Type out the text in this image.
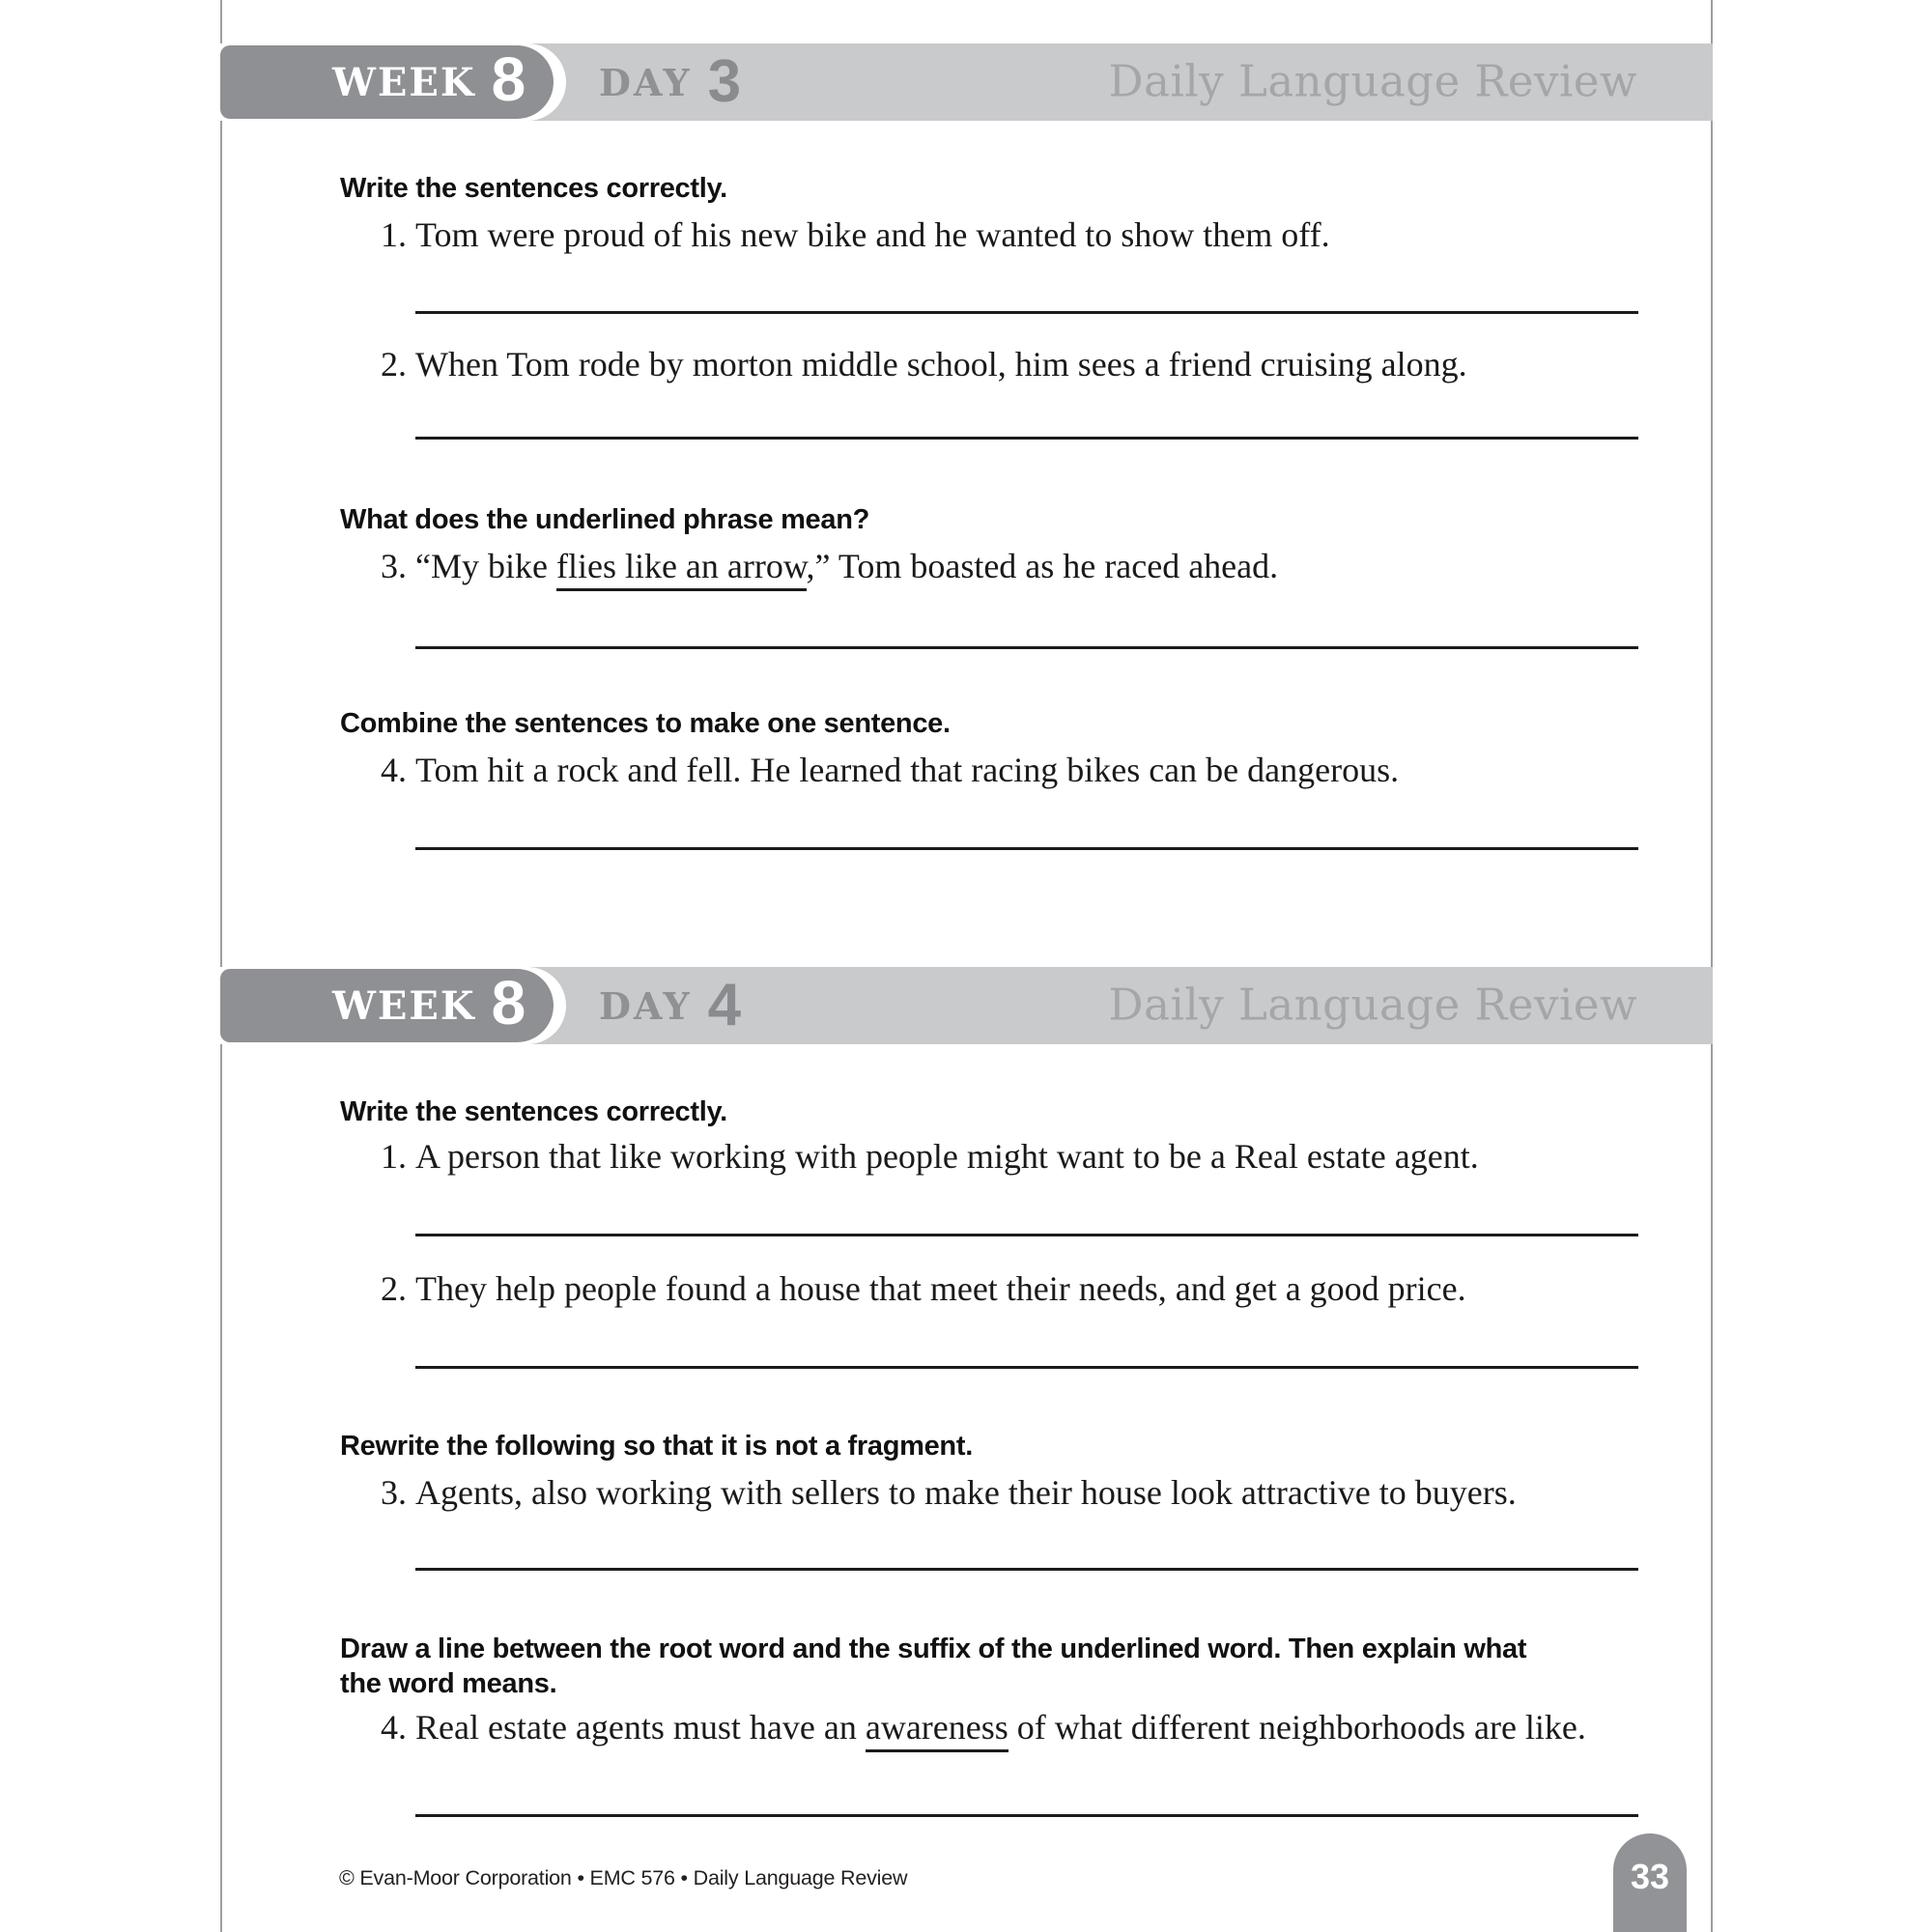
WEEK 8 DAY 3	Daily Language Review
Write the sentences correctly.
1. Tom were proud of his new bike and he wanted to show them off.
2. When Tom rode by morton middle school, him sees a friend cruising along.
What does the underlined phrase mean?
3. “My bike flies like an arrow,” Tom boasted as he raced ahead.
Combine the sentences to make one sentence.
4. Tom hit a rock and fell. He learned that racing bikes can be dangerous.
WEEK 8 DAY 4	Daily Language Review
Write the sentences correctly.
1. A person that like working with people might want to be a Real estate agent.
2. They help people found a house that meet their needs, and get a good price.
Rewrite the following so that it is not a fragment.
3. Agents, also working with sellers to make their house look attractive to buyers.
Draw a line between the root word and the suffix of the underlined word. Then explain what
the word means.
4. Real estate agents must have an awareness of what different neighborhoods are like.
© Evan-Moor Corporation • EMC 576 • Daily Language Review	33
